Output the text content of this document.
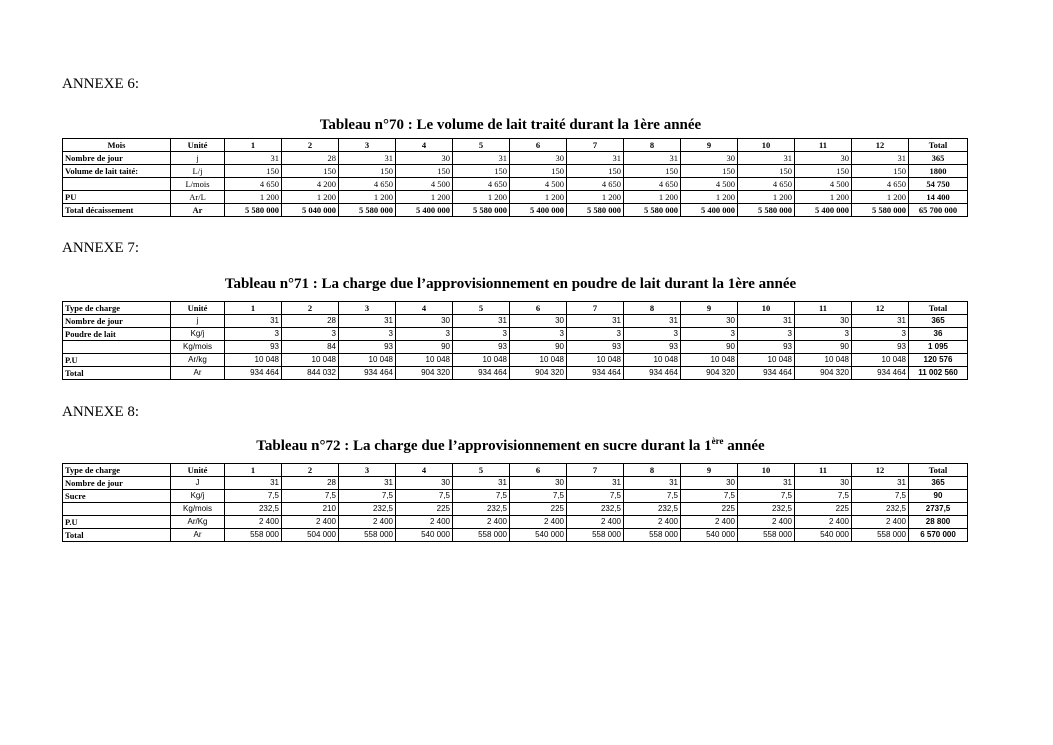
ANNEXE 6:
Tableau n°70 : Le volume de lait traité durant la 1ère année
Mois	Unité	1	2	3	4	5	6	7	8	9	10	11	12	Total
Nombre de jour	j	31	28	31	30	31	30	31	31	30	31	30	31	365
Volume de lait taité:	L/j	150	150	150	150	150	150	150	150	150	150	150	150	1800
	L/mois	4 650	4 200	4 650	4 500	4 650	4 500	4 650	4 650	4 500	4 650	4 500	4 650	54 750
PU	Ar/L	1 200	1 200	1 200	1 200	1 200	1 200	1 200	1 200	1 200	1 200	1 200	1 200	14 400
Total décaissement	Ar	5 580 000	5 040 000	5 580 000	5 400 000	5 580 000	5 400 000	5 580 000	5 580 000	5 400 000	5 580 000	5 400 000	5 580 000	65 700 000
ANNEXE 7:
Tableau n°71 : La charge due l’approvisionnement en poudre de lait durant la 1ère année
Type de charge	Unité	1	2	3	4	5	6	7	8	9	10	11	12	Total
Nombre de jour	j	31	28	31	30	31	30	31	31	30	31	30	31	365
Poudre de lait	Kg/j	3	3	3	3	3	3	3	3	3	3	3	3	36
	Kg/mois	93	84	93	90	93	90	93	93	90	93	90	93	1 095
P.U	Ar/kg	10 048	10 048	10 048	10 048	10 048	10 048	10 048	10 048	10 048	10 048	10 048	10 048	120 576
Total	Ar	934 464	844 032	934 464	904 320	934 464	904 320	934 464	934 464	904 320	934 464	904 320	934 464	11 002 560
ANNEXE 8:
Tableau n°72 : La charge due l’approvisionnement en sucre durant la 1ère année
Type de charge	Unité	1	2	3	4	5	6	7	8	9	10	11	12	Total
Nombre de jour	J	31	28	31	30	31	30	31	31	30	31	30	31	365
Sucre	Kg/j	7,5	7,5	7,5	7,5	7,5	7,5	7,5	7,5	7,5	7,5	7,5	7,5	90
	Kg/mois	232,5	210	232,5	225	232,5	225	232,5	232,5	225	232,5	225	232,5	2737,5
P.U	Ar/Kg	2 400	2 400	2 400	2 400	2 400	2 400	2 400	2 400	2 400	2 400	2 400	2 400	28 800
Total	Ar	558 000	504 000	558 000	540 000	558 000	540 000	558 000	558 000	540 000	558 000	540 000	558 000	6 570 000
